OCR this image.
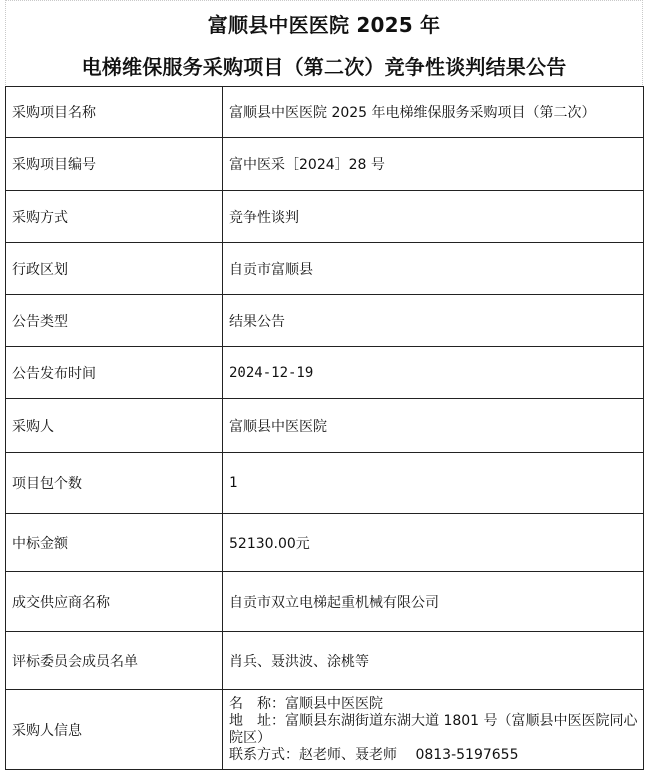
富顺县中医医院 2025 年
电梯维保服务采购项目（第二次）竞争性谈判结果公告
采购项目名称	富顺县中医医院 2025 年电梯维保服务采购项目（第二次）
采购项目编号	富中医采［2024］28 号
采购方式	竞争性谈判
行政区划	自贡市富顺县
公告类型	结果公告
公告发布时间	2024-12-19
采购人	富顺县中医医院
项目包个数	1
中标金额	52130.00元
成交供应商名称	自贡市双立电梯起重机械有限公司
评标委员会成员名单	肖兵、聂洪波、涂桃等
采购人信息	名　称：富顺县中医医院
地　址：富顺县东湖街道东湖大道 1801 号（富顺县中医医院同心院区）
联系方式：赵老师、聂老师　 0813-5197655
